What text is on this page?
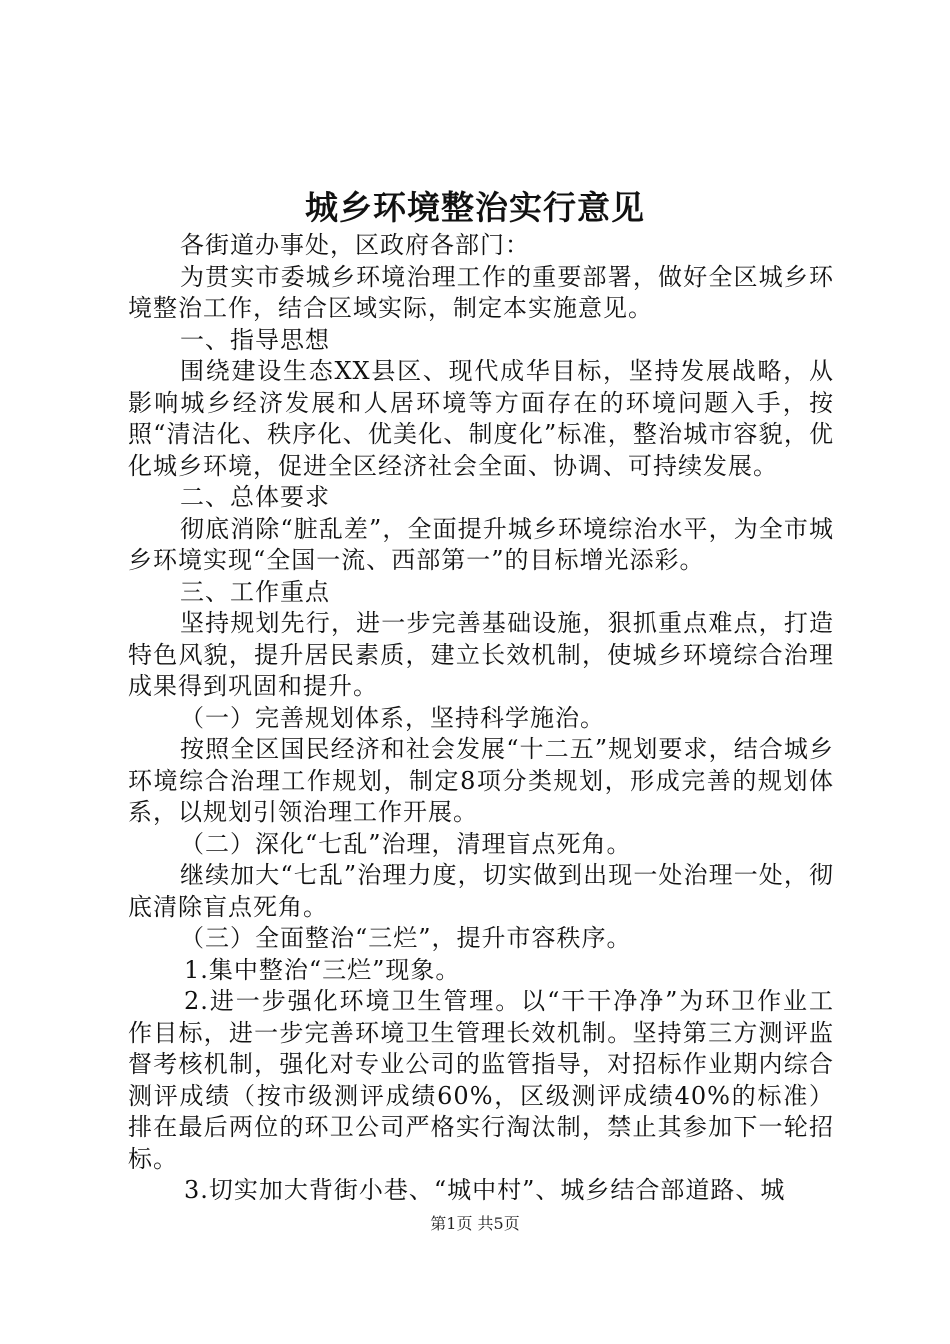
城乡环境整治实行意见

各街道办事处，区政府各部门：

为贯实市委城乡环境治理工作的重要部署，做好全区城乡环境整治工作，结合区域实际，制定本实施意见。

一、指导思想

围绕建设生态XX县区、现代成华目标，坚持发展战略，从影响城乡经济发展和人居环境等方面存在的环境问题入手，按照“清洁化、秩序化、优美化、制度化”标准，整治城市容貌，优化城乡环境，促进全区经济社会全面、协调、可持续发展。

二、总体要求

彻底消除“脏乱差”，全面提升城乡环境综治水平，为全市城乡环境实现“全国一流、西部第一”的目标增光添彩。

三、工作重点

坚持规划先行，进一步完善基础设施，狠抓重点难点，打造特色风貌，提升居民素质，建立长效机制，使城乡环境综合治理成果得到巩固和提升。

（一）完善规划体系，坚持科学施治。

按照全区国民经济和社会发展“十二五”规划要求，结合城乡环境综合治理工作规划，制定8项分类规划，形成完善的规划体系，以规划引领治理工作开展。

（二）深化“七乱”治理，清理盲点死角。

继续加大“七乱”治理力度，切实做到出现一处治理一处，彻底清除盲点死角。

（三）全面整治“三烂”，提升市容秩序。

1.集中整治“三烂”现象。

2.进一步强化环境卫生管理。以“干干净净”为环卫作业工作目标，进一步完善环境卫生管理长效机制。坚持第三方测评监督考核机制，强化对专业公司的监管指导，对招标作业期内综合测评成绩（按市级测评成绩60%，区级测评成绩40%的标准）排在最后两位的环卫公司严格实行淘汰制，禁止其参加下一轮招标。

3.切实加大背街小巷、“城中村”、城乡结合部道路、城

第1页 共5页
